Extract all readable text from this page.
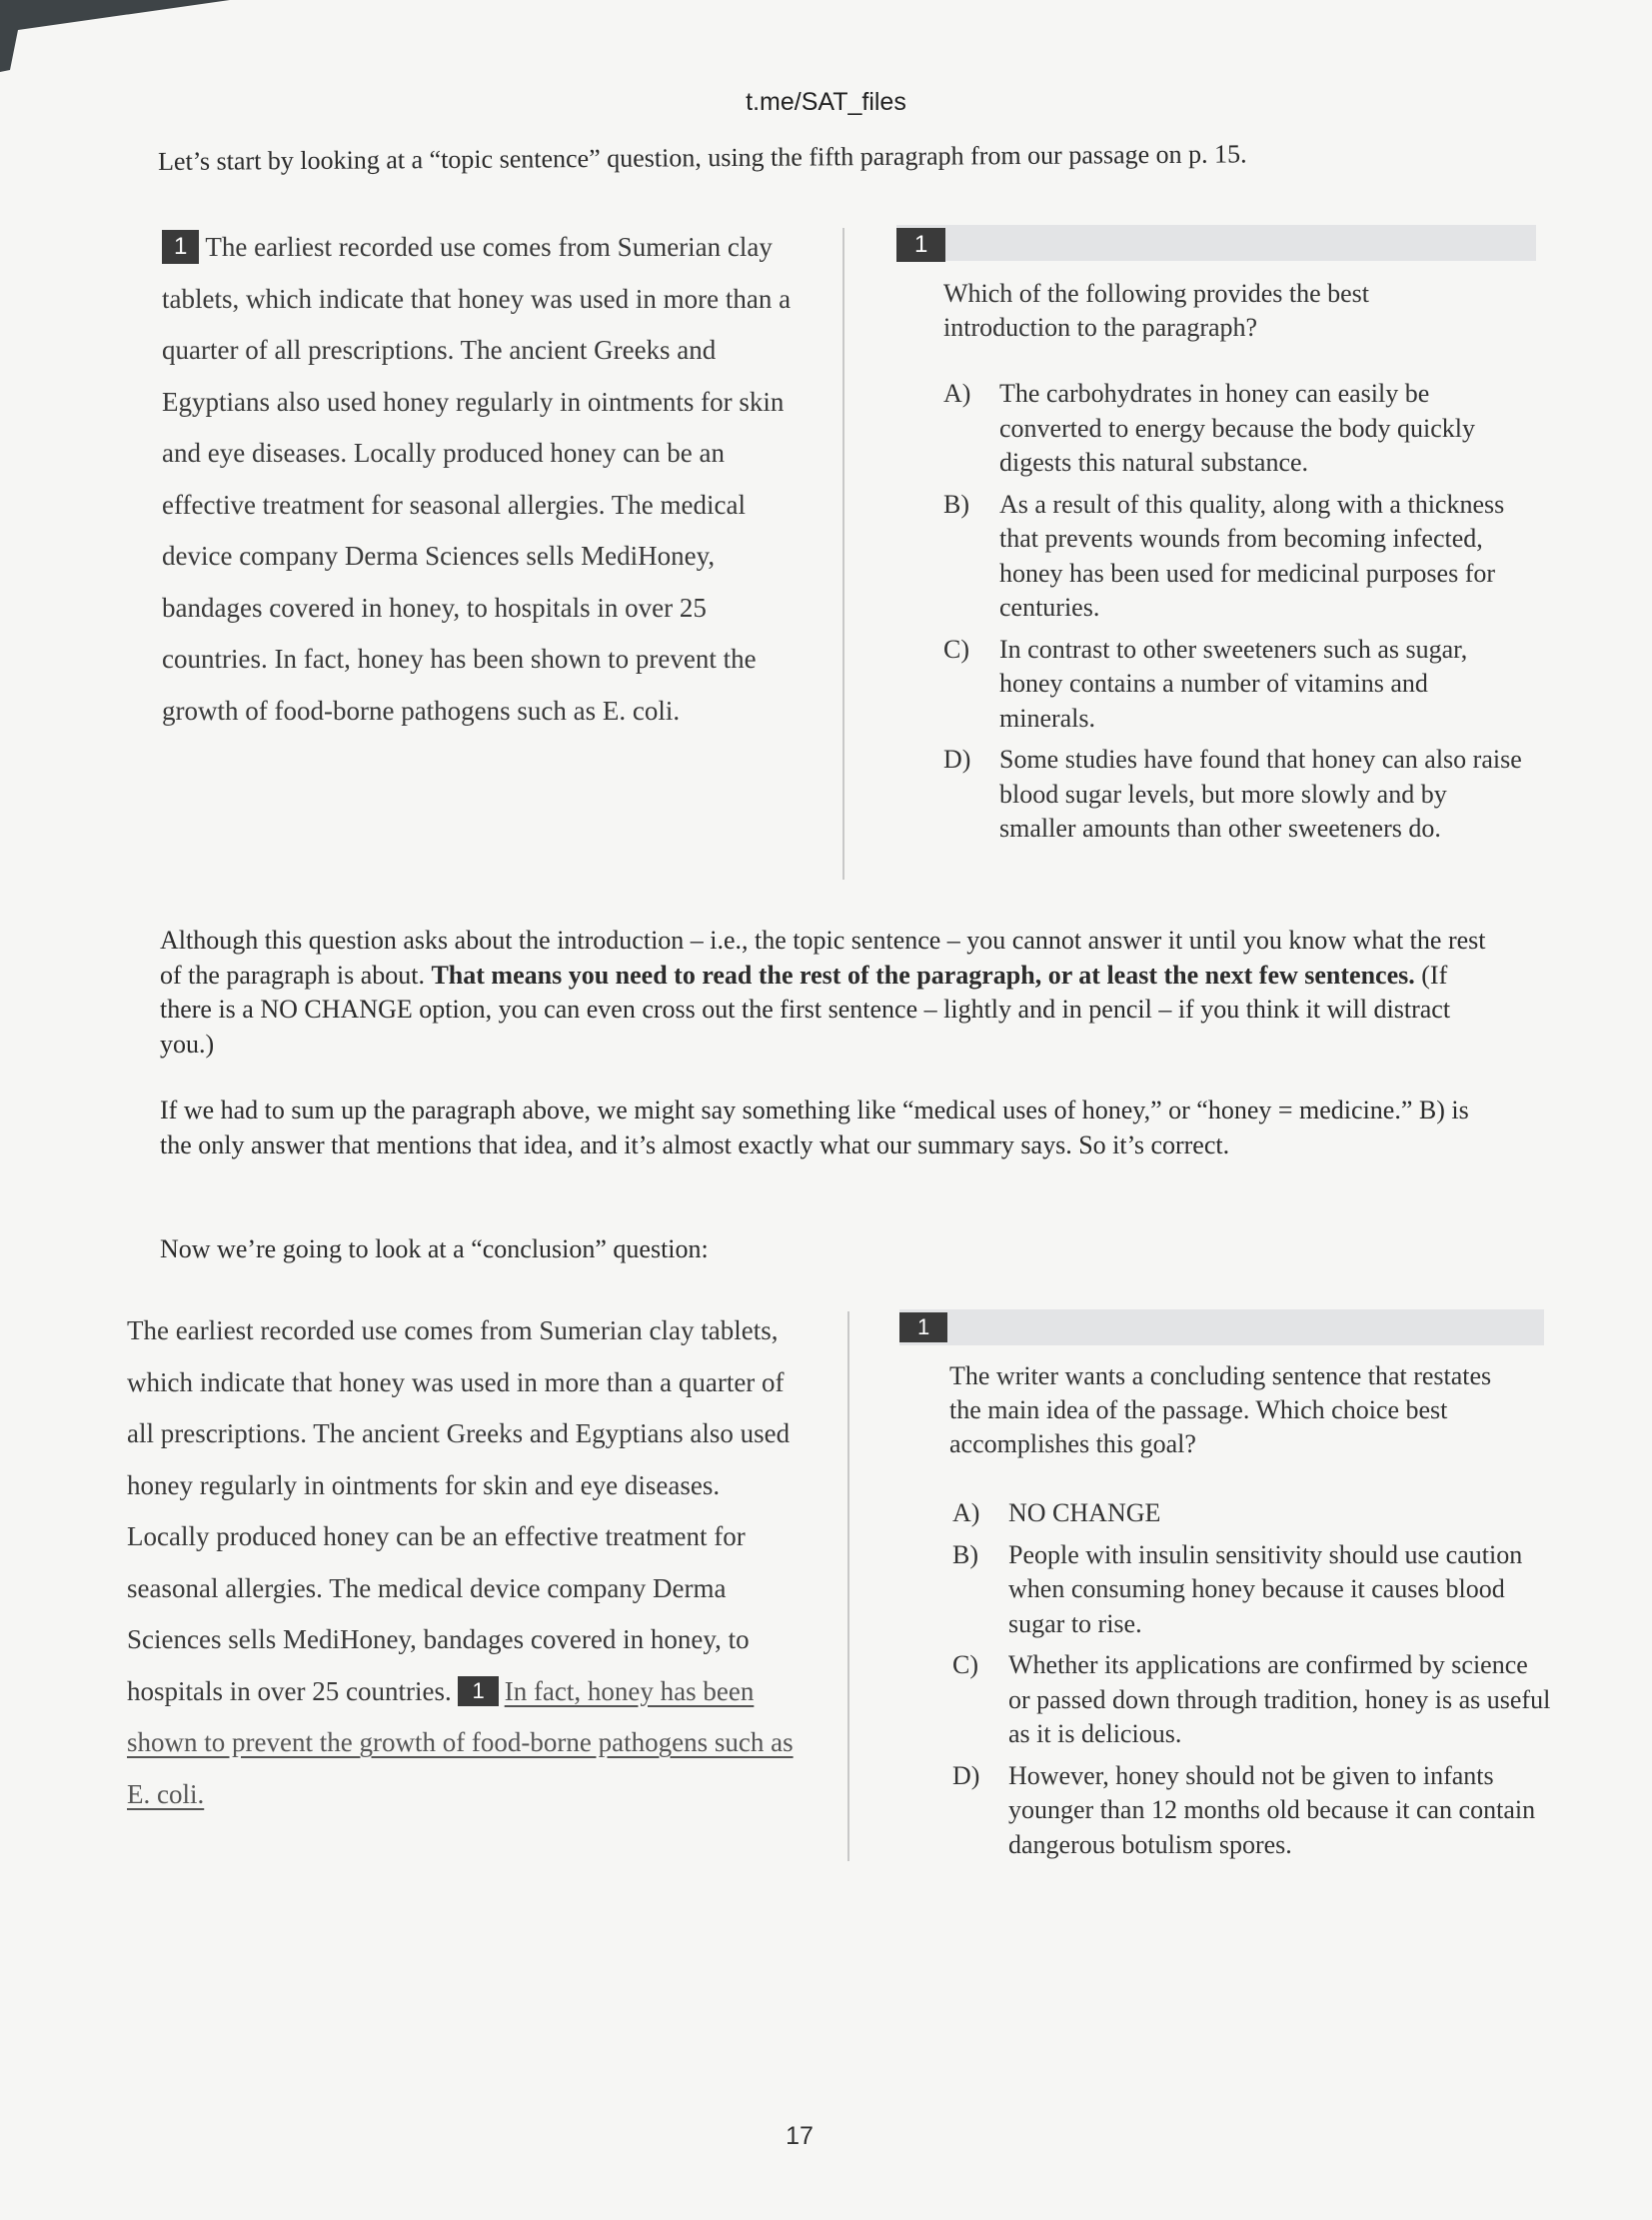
t.me/SAT_files
Let’s start by looking at a “topic sentence” question, using the fifth paragraph from our passage on p. 15.
1 The earliest recorded use comes from Sumerian clay tablets, which indicate that honey was used in more than a quarter of all prescriptions. The ancient Greeks and Egyptians also used honey regularly in ointments for skin and eye diseases. Locally produced honey can be an effective treatment for seasonal allergies. The medical device company Derma Sciences sells MediHoney, bandages covered in honey, to hospitals in over 25 countries. In fact, honey has been shown to prevent the growth of food-borne pathogens such as E. coli.
1
Which of the following provides the best introduction to the paragraph?
A)	The carbohydrates in honey can easily be converted to energy because the body quickly digests this natural substance.
B)	As a result of this quality, along with a thickness that prevents wounds from becoming infected, honey has been used for medicinal purposes for centuries.
C)	In contrast to other sweeteners such as sugar, honey contains a number of vitamins and minerals.
D)	Some studies have found that honey can also raise blood sugar levels, but more slowly and by smaller amounts than other sweeteners do.
Although this question asks about the introduction – i.e., the topic sentence – you cannot answer it until you know what the rest of the paragraph is about. That means you need to read the rest of the paragraph, or at least the next few sentences. (If there is a NO CHANGE option, you can even cross out the first sentence – lightly and in pencil – if you think it will distract you.)
If we had to sum up the paragraph above, we might say something like “medical uses of honey,” or “honey = medicine.” B) is the only answer that mentions that idea, and it’s almost exactly what our summary says. So it’s correct.
Now we’re going to look at a “conclusion” question:
The earliest recorded use comes from Sumerian clay tablets, which indicate that honey was used in more than a quarter of all prescriptions. The ancient Greeks and Egyptians also used honey regularly in ointments for skin and eye diseases. Locally produced honey can be an effective treatment for seasonal allergies. The medical device company Derma Sciences sells MediHoney, bandages covered in honey, to hospitals in over 25 countries. 1 In fact, honey has been shown to prevent the growth of food-borne pathogens such as E. coli.
1
The writer wants a concluding sentence that restates the main idea of the passage. Which choice best accomplishes this goal?
A)	NO CHANGE
B)	People with insulin sensitivity should use caution when consuming honey because it causes blood sugar to rise.
C)	Whether its applications are confirmed by science or passed down through tradition, honey is as useful as it is delicious.
D)	However, honey should not be given to infants younger than 12 months old because it can contain dangerous botulism spores.
17
